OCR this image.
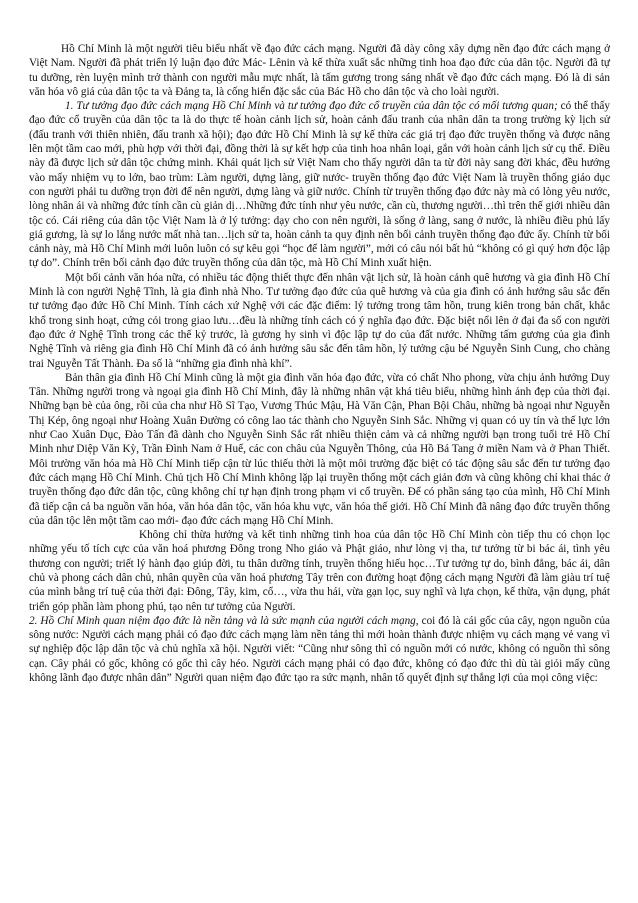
Hồ Chí Minh là một người tiêu biểu nhất về đạo đức cách mạng. Người đã dày công xây dựng nền đạo đức cách mạng ở Việt Nam. Người đã phát triển lý luận đạo đức Mác- Lênin và kế thừa xuất sắc những tinh hoa đạo đức của dân tộc. Người đã tự tu dưỡng, rèn luyện mình trở thành con người mẫu mực nhất, là tấm gương trong sáng nhất về đạo đức cách mạng. Đó là di sản văn hóa vô giá của dân tộc ta và Đảng ta, là cống hiến đặc sắc của Bác Hồ cho dân tộc và cho loài người.

1. Tư tưởng đạo đức cách mạng Hồ Chí Minh và tư tưởng đạo đức cổ truyền của dân tộc có mối tương quan; có thể thấy đạo đức cổ truyền của dân tộc ta là do thực tế hoàn cảnh lịch sử, hoàn cảnh đấu tranh của nhân dân ta trong trường kỳ lịch sử (đấu tranh với thiên nhiên, đấu tranh xã hội); đạo đức Hồ Chí Minh là sự kế thừa các giá trị đạo đức truyền thống và được nâng lên một tầm cao mới, phù hợp với thời đại, đồng thời là sự kết hợp của tinh hoa nhân loại, gắn với hoàn cảnh lịch sử cụ thể. Điều này đã được lịch sử dân tộc chứng minh. Khái quát lịch sử Việt Nam cho thấy người dân ta từ đời này sang đời khác, đều hướng vào mấy nhiệm vụ to lớn, bao trùm: Làm người, dựng làng, giữ nước- truyền thống đạo đức Việt Nam là truyền thống giáo dục con người phải tu dưỡng trọn đời để nên người, dựng làng và giữ nước. Chính từ truyền thống đạo đức này mà có lòng yêu nước, lòng nhân ái và những đức tính cần cù giản dị…Những đức tính như yêu nước, cần cù, thương người…thì trên thế giới nhiều dân tộc có. Cái riêng của dân tộc Việt Nam là ở lý tưởng: dạy cho con nên người, là sống ở làng, sang ở nước, là nhiều điều phủ lấy giá gương, là sự lo lắng nước mất nhà tan…lịch sử ta, hoàn cảnh ta quy định nên bối cảnh truyền thống đạo đức ấy. Chính từ bối cảnh này, mà Hồ Chí Minh mới luôn luôn có sự kêu gọi “học để làm người”, mới có câu nói bất hủ “không có gì quý hơn độc lập tự do”. Chính trên bối cảnh đạo đức truyền thống của dân tộc, mà Hồ Chí Minh xuất hiện.

Một bối cảnh văn hóa nữa, có nhiều tác động thiết thực đến nhân vật lịch sử, là hoàn cảnh quê hương và gia đình Hồ Chí Minh là con người Nghệ Tĩnh, là gia đình nhà Nho. Tư tưởng đạo đức của quê hương và của gia đình có ảnh hưởng sâu sắc đến tư tưởng đạo đức Hồ Chí Minh. Tính cách xứ Nghệ với các đặc điểm: lý tưởng trong tâm hồn, trung kiên trong bản chất, khắc khổ trong sinh hoạt, cứng cỏi trong giao lưu…đều là những tính cách có ý nghĩa đạo đức. Đặc biệt nổi lên ở đại đa số con người đạo đức ở Nghệ Tĩnh trong các thế kỷ trước, là gương hy sinh vì độc lập tự do của đất nước. Những tấm gương của gia đình Nghệ Tĩnh và riêng gia đình Hồ Chí Minh đã có ảnh hưởng sâu sắc đến tâm hồn, lý tưởng cậu bé Nguyễn Sinh Cung, cho chàng trai Nguyễn Tất Thành. Đa số là “những gia đình nhà khí”.

Bản thân gia đình Hồ Chí Minh cũng là một gia đình văn hóa đạo đức, vừa có chất Nho phong, vừa chịu ảnh hưởng Duy Tân. Những người trong và ngoại gia đình Hồ Chí Minh, đây là những nhân vật khá tiêu biểu, những hình ảnh đẹp của thời đại. Những bạn bè của ông, rồi của cha như Hồ Sĩ Tạo, Vương Thúc Mậu, Hà Văn Cận, Phan Bội Châu, những bà ngoại như Nguyễn Thị Kép, ông ngoại như Hoàng Xuân Đường có công lao tác thành cho Nguyễn Sinh Sắc. Những vị quan có uy tín và thế lực lớn như Cao Xuân Dục, Đào Tấn đã dành cho Nguyễn Sinh Sắc rất nhiều thiện cảm và cả những người bạn trong tuổi trẻ Hồ Chí Minh như Diệp Văn Kỳ, Trần Đình Nam ở Huế, các con châu của Nguyễn Thông, của Hồ Bá Tang ở miền Nam và ở Phan Thiết. Môi trường văn hóa mà Hồ Chí Minh tiếp cận từ lúc thiếu thời là một môi trường đặc biệt có tác động sâu sắc đến tư tưởng đạo đức cách mạng Hồ Chí Minh. Chủ tịch Hồ Chí Minh không lặp lại truyền thống một cách giản đơn và cũng không chỉ khai thác ở truyền thống đạo đức dân tộc, cũng không chỉ tự hạn định trong phạm vi cổ truyền. Để có phần sáng tạo của mình, Hồ Chí Minh đã tiếp cận cả ba nguồn văn hóa, văn hóa dân tộc, văn hóa khu vực, văn hóa thế giới. Hồ Chí Minh đã nâng đạo đức truyền thống của dân tộc lên một tầm cao mới- đạo đức cách mạng Hồ Chí Minh.

Không chỉ thừa hưởng và kết tinh những tinh hoa của dân tộc Hồ Chí Minh còn tiếp thu có chọn lọc những yếu tố tích cực của văn hoá phương Đông trong Nho giáo và Phật giáo, như lòng vị tha, tư tưởng từ bi bác ái, tình yêu thương con người; triết lý hành đạo giúp đời, tu thân dưỡng tính, truyền thống hiếu học…Tư tưởng tự do, bình đẳng, bác ái, dân chủ và phong cách dân chủ, nhân quyền của văn hoá phương Tây trên con đường hoạt động cách mạng Người đã làm giàu trí tuệ của mình bằng trí tuệ của thời đại: Đông, Tây, kim, cổ…, vừa thu hái, vừa gạn lọc, suy nghĩ và lựa chọn, kế thừa, vận dụng, phát triển góp phần làm phong phú, tạo nên tư tưởng của Người.

2. Hồ Chí Minh quan niệm đạo đức là nền tảng và là sức mạnh của người cách mạng, coi đó là cái gốc của cây, ngọn nguồn của sông nước: Người cách mạng phải có đạo đức cách mạng làm nền tảng thì mới hoàn thành được nhiệm vụ cách mạng vẻ vang vì sự nghiệp độc lập dân tộc và chủ nghĩa xã hội. Người viết: “Cũng như sông thì có nguồn mới có nước, không có nguồn thì sông cạn. Cây phải có gốc, không có gốc thì cây héo. Người cách mạng phải có đạo đức, không có đạo đức thì dù tài giỏi mấy cũng không lãnh đạo được nhân dân” Người quan niệm đạo đức tạo ra sức mạnh, nhân tố quyết định sự thắng lợi của mọi công việc:
